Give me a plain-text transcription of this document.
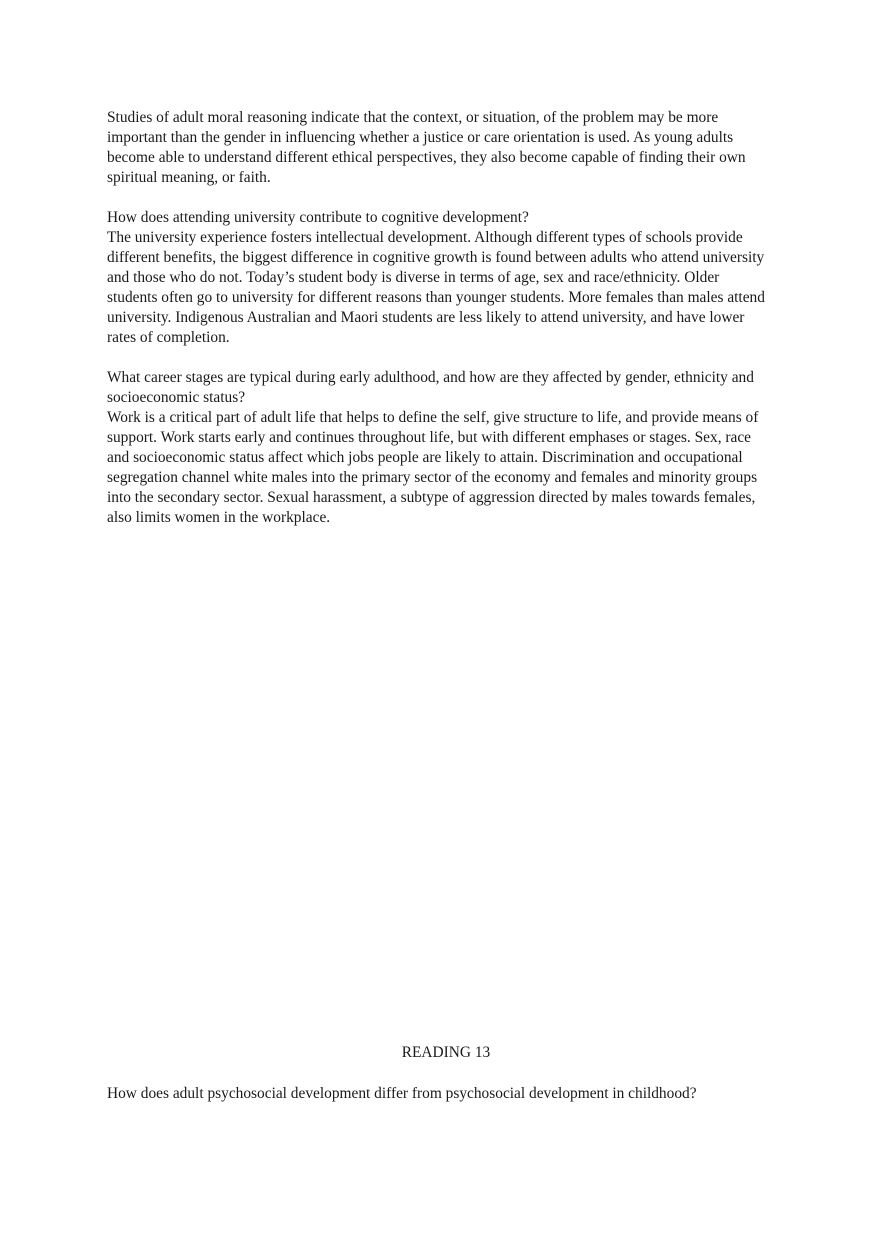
Studies of adult moral reasoning indicate that the context, or situation, of the problem may be more important than the gender in influencing whether a justice or care orientation is used. As young adults become able to understand different ethical perspectives, they also become capable of finding their own spiritual meaning, or faith.

How does attending university contribute to cognitive development?

The university experience fosters intellectual development. Although different types of schools provide different benefits, the biggest difference in cognitive growth is found between adults who attend university and those who do not. Today’s student body is diverse in terms of age, sex and race/ethnicity. Older students often go to university for different reasons than younger students. More females than males attend university. Indigenous Australian and Maori students are less likely to attend university, and have lower rates of completion.

What career stages are typical during early adulthood, and how are they affected by gender, ethnicity and socioeconomic status?

Work is a critical part of adult life that helps to define the self, give structure to life, and provide means of support. Work starts early and continues throughout life, but with different emphases or stages. Sex, race and socioeconomic status affect which jobs people are likely to attain. Discrimination and occupational segregation channel white males into the primary sector of the economy and females and minority groups into the secondary sector. Sexual harassment, a subtype of aggression directed by males towards females, also limits women in the workplace.

READING 13

How does adult psychosocial development differ from psychosocial development in childhood?
